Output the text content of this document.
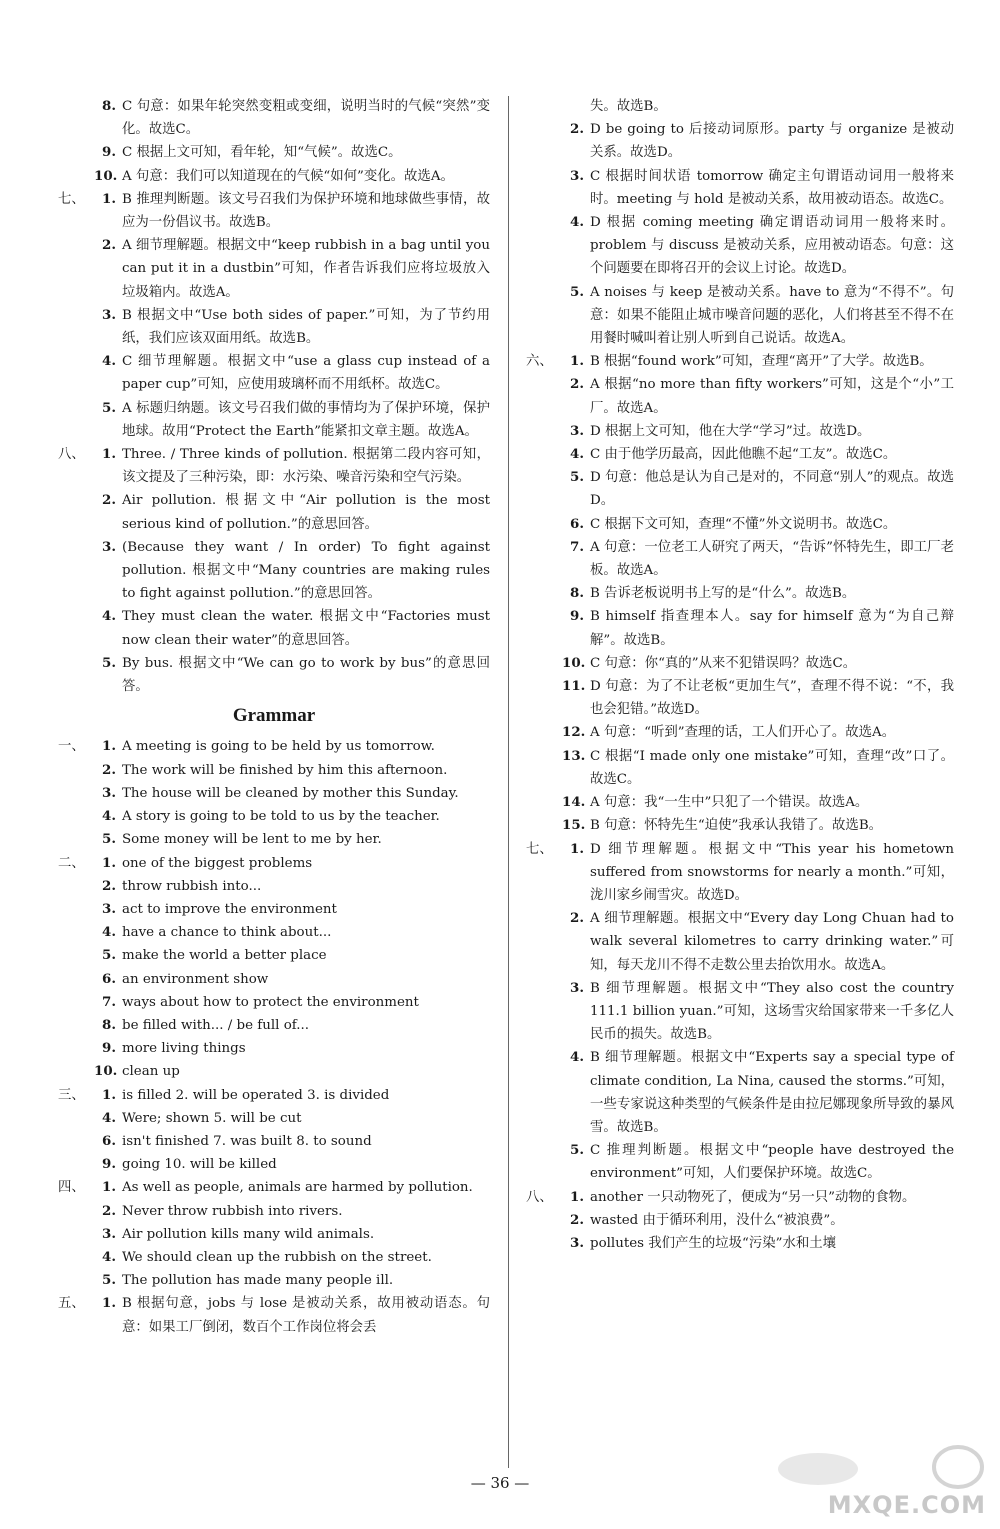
8. C 句意：如果年轮突然变粗或变细，说明当时的气候“突然”变化。故选C。
9. C 根据上文可知，看年轮，知“气候”。故选C。
10. A 句意：我们可以知道现在的气候“如何”变化。故选A。
七、	1. B 推理判断题。该文号召我们为保护环境和地球做些事情，故应为一份倡议书。故选B。
2. A 细节理解题。根据文中“keep rubbish in a bag until you can put it in a dustbin”可知，作者告诉我们应将垃圾放入垃圾箱内。故选A。
3. B 根据文中“Use both sides of paper.”可知，为了节约用纸，我们应该双面用纸。故选B。
4. C 细节理解题。根据文中“use a glass cup instead of a paper cup”可知，应使用玻璃杯而不用纸杯。故选C。
5. A 标题归纳题。该文号召我们做的事情均为了保护环境，保护地球。故用“Protect the Earth”能紧扣文章主题。故选A。
八、	1. Three. / Three kinds of pollution. 根据第二段内容可知，该文提及了三种污染，即：水污染、噪音污染和空气污染。
2. Air pollution. 根据文中“Air pollution is the most serious kind of pollution.”的意思回答。
3. (Because they want / In order) To fight against pollution. 根据文中“Many countries are making rules to fight against pollution.”的意思回答。
4. They must clean the water. 根据文中“Factories must now clean their water”的意思回答。
5. By bus. 根据文中“We can go to work by bus”的意思回答。
Grammar
一、	1. A meeting is going to be held by us tomorrow.
2. The work will be finished by him this afternoon.
3. The house will be cleaned by mother this Sunday.
4. A story is going to be told to us by the teacher.
5. Some money will be lent to me by her.
二、	1. one of the biggest problems
2. throw rubbish into...
3. act to improve the environment
4. have a chance to think about...
5. make the world a better place
6. an environment show
7. ways about how to protect the environment
8. be filled with... / be full of...
9. more living things
10. clean up
三、	1. is filled 2. will be operated 3. is divided
4. Were; shown 5. will be cut
6. isn't finished 7. was built 8. to sound
9. going 10. will be killed
四、	1. As well as people, animals are harmed by pollution.
2. Never throw rubbish into rivers.
3. Air pollution kills many wild animals.
4. We should clean up the rubbish on the street.
5. The pollution has made many people ill.
五、	1. B 根据句意，jobs 与 lose 是被动关系，故用被动语态。句意：如果工厂倒闭，数百个工作岗位将会丢
失。故选B。
2. D be going to 后接动词原形。party 与 organize 是被动关系。故选D。
3. C 根据时间状语 tomorrow 确定主句谓语动词用一般将来时。meeting 与 hold 是被动关系，故用被动语态。故选C。
4. D 根据 coming meeting 确定谓语动词用一般将来时。problem 与 discuss 是被动关系，应用被动语态。句意：这个问题要在即将召开的会议上讨论。故选D。
5. A noises 与 keep 是被动关系。have to 意为“不得不”。句意：如果不能阻止城市噪音问题的恶化，人们将甚至不得不在用餐时喊叫着让别人听到自己说话。故选A。
六、	1. B 根据“found work”可知，查理“离开”了大学。故选B。
2. A 根据“no more than fifty workers”可知，这是个“小”工厂。故选A。
3. D 根据上文可知，他在大学“学习”过。故选D。
4. C 由于他学历最高，因此他瞧不起“工友”。故选C。
5. D 句意：他总是认为自己是对的，不同意“别人”的观点。故选D。
6. C 根据下文可知，查理“不懂”外文说明书。故选C。
7. A 句意：一位老工人研究了两天，“告诉”怀特先生，即工厂老板。故选A。
8. B 告诉老板说明书上写的是“什么”。故选B。
9. B himself 指查理本人。say for himself 意为“为自己辩解”。故选B。
10. C 句意：你“真的”从来不犯错误吗？故选C。
11. D 句意：为了不让老板“更加生气”，查理不得不说：“不，我也会犯错。”故选D。
12. A 句意：“听到”查理的话，工人们开心了。故选A。
13. C 根据“I made only one mistake”可知，查理“改”口了。故选C。
14. A 句意：我“一生中”只犯了一个错误。故选A。
15. B 句意：怀特先生“迫使”我承认我错了。故选B。
七、	1. D 细节理解题。根据文中“This year his hometown suffered from snowstorms for nearly a month.”可知，泷川家乡闹雪灾。故选D。
2. A 细节理解题。根据文中“Every day Long Chuan had to walk several kilometres to carry drinking water.”可知，每天龙川不得不走数公里去抬饮用水。故选A。
3. B 细节理解题。根据文中“They also cost the country 111.1 billion yuan.”可知，这场雪灾给国家带来一千多亿人民币的损失。故选B。
4. B 细节理解题。根据文中“Experts say a special type of climate condition, La Nina, caused the storms.”可知，一些专家说这种类型的气候条件是由拉尼娜现象所导致的暴风雪。故选B。
5. C 推理判断题。根据文中“people have destroyed the environment”可知，人们要保护环境。故选C。
八、	1. another 一只动物死了，便成为“另一只”动物的食物。
2. wasted 由于循环利用，没什么“被浪费”。
3. pollutes 我们产生的垃圾“污染”水和土壤
— 36 —
MXQE.COM
